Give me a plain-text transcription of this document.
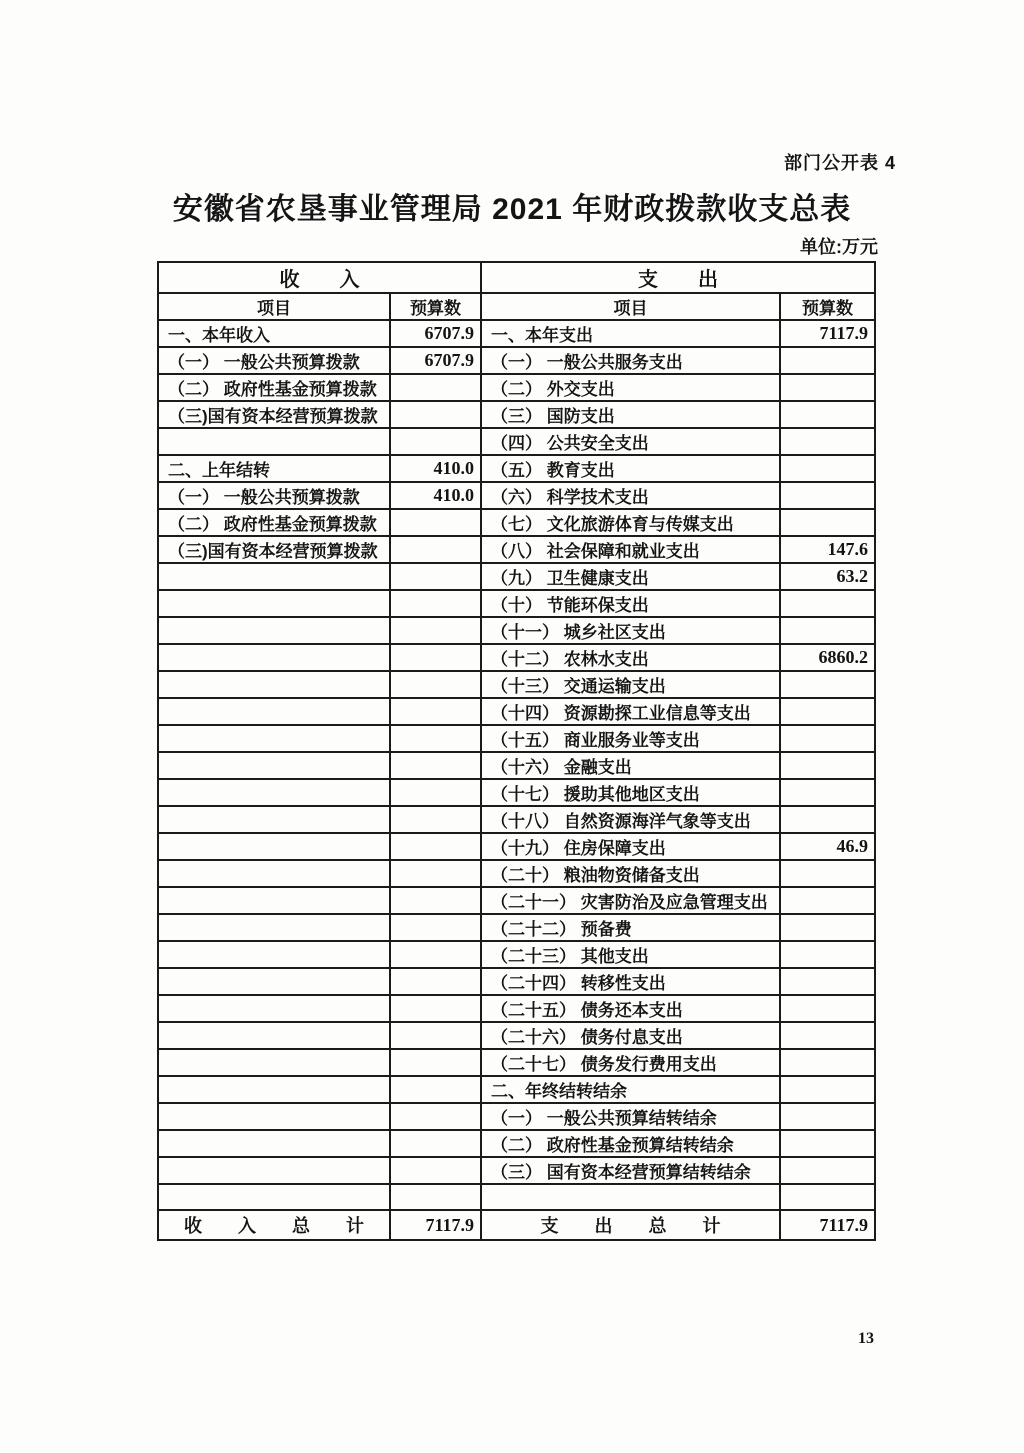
部门公开表 4
安徽省农垦事业管理局 2021 年财政拨款收支总表
单位:万元
收　　入		支　　出	
项目	预算数	项目	预算数
一、本年收入	6707.9	一、本年支出	7117.9
（一） 一般公共预算拨款	6707.9	（一） 一般公共服务支出	
（二） 政府性基金预算拨款		（二） 外交支出	
（三)国有资本经营预算拨款		（三） 国防支出	
		（四） 公共安全支出	
二、上年结转	410.0	（五） 教育支出	
（一） 一般公共预算拨款	410.0	（六） 科学技术支出	
（二） 政府性基金预算拨款		（七） 文化旅游体育与传媒支出	
（三)国有资本经营预算拨款		（八） 社会保障和就业支出	147.6
		（九） 卫生健康支出	63.2
		（十） 节能环保支出	
		（十一） 城乡社区支出	
		（十二） 农林水支出	6860.2
		（十三） 交通运输支出	
		（十四） 资源勘探工业信息等支出	
		（十五） 商业服务业等支出	
		（十六） 金融支出	
		（十七） 援助其他地区支出	
		（十八） 自然资源海洋气象等支出	
		（十九） 住房保障支出	46.9
		（二十） 粮油物资储备支出	
		（二十一） 灾害防治及应急管理支出	
		（二十二） 预备费	
		（二十三） 其他支出	
		（二十四） 转移性支出	
		（二十五） 债务还本支出	
		（二十六） 债务付息支出	
		（二十七） 债务发行费用支出	
		二、年终结转结余	
		（一） 一般公共预算结转结余	
		（二） 政府性基金预算结转结余	
		（三） 国有资本经营预算结转结余	

收　　入　　总　　计	7117.9	支　　出　　总　　计	7117.9
13
